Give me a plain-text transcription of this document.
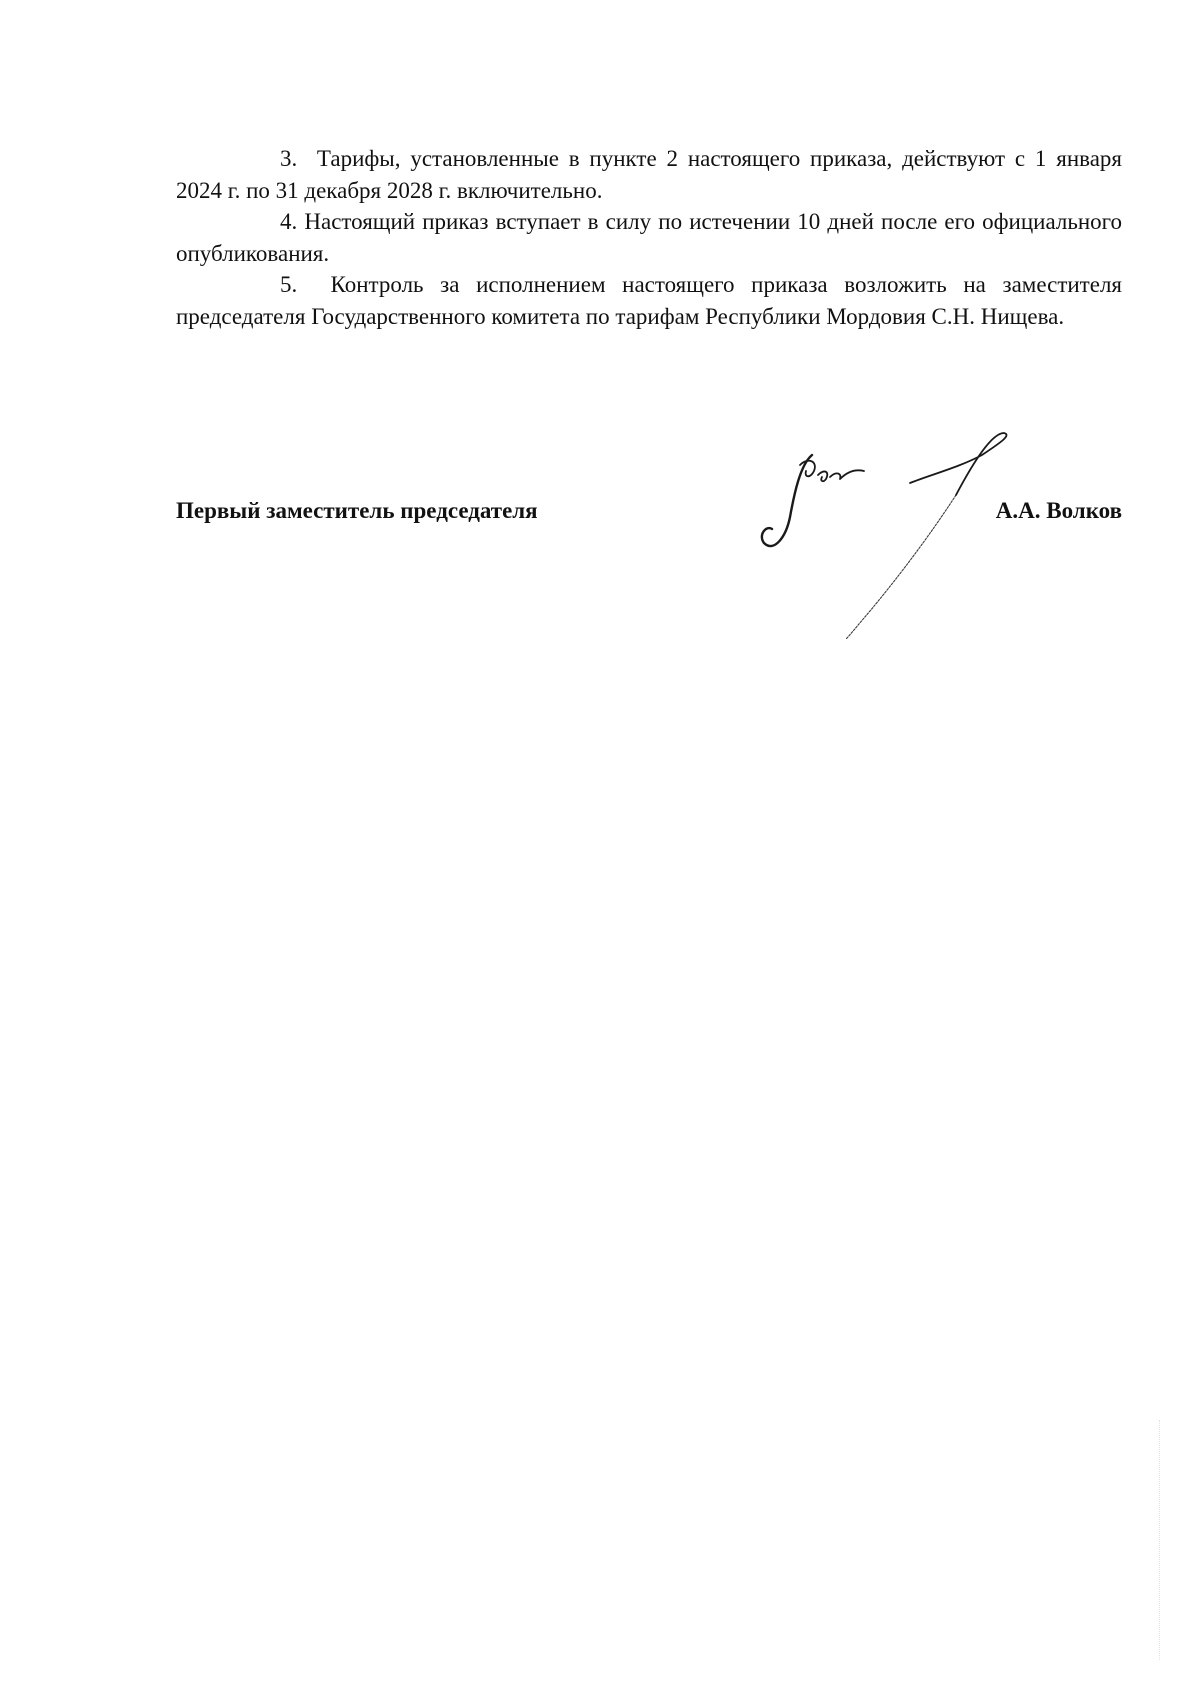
3. Тарифы, установленные в пункте 2 настоящего приказа, действуют с 1 января 2024 г. по 31 декабря 2028 г. включительно.

4. Настоящий приказ вступает в силу по истечении 10 дней после его официального опубликования.

5. Контроль за исполнением настоящего приказа возложить на заместителя председателя Государственного комитета по тарифам Республики Мордовия С.Н. Нищева.

Первый заместитель председателя	А.А. Волков
